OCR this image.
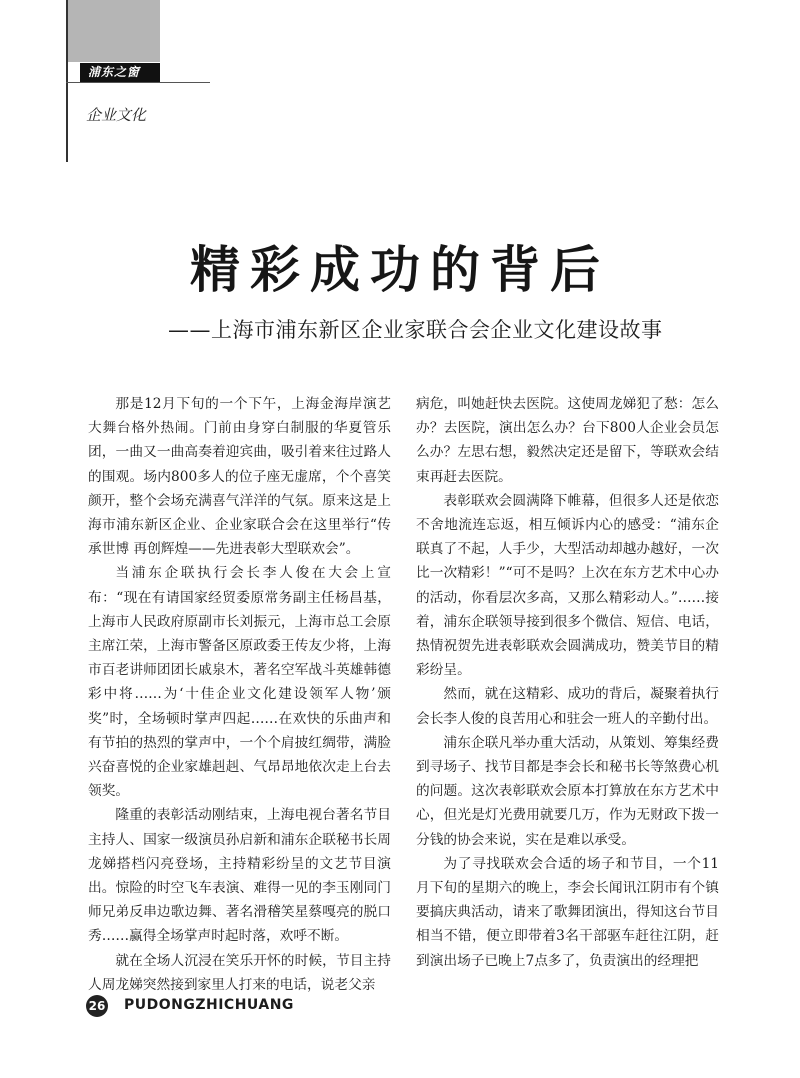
浦东之窗
企业文化
精彩成功的背后
——上海市浦东新区企业家联合会企业文化建设故事

那是12月下旬的一个下午，上海金海岸演艺大舞台格外热闹。门前由身穿白制服的华夏管乐团，一曲又一曲高奏着迎宾曲，吸引着来往过路人的围观。场内800多人的位子座无虚席，个个喜笑颜开，整个会场充满喜气洋洋的气氛。原来这是上海市浦东新区企业、企业家联合会在这里举行“传承世博 再创辉煌——先进表彰大型联欢会”。

当浦东企联执行会长李人俊在大会上宣布：“现在有请国家经贸委原常务副主任杨昌基，上海市人民政府原副市长刘振元，上海市总工会原主席江荣，上海市警备区原政委王传友少将，上海市百老讲师团团长戚泉木，著名空军战斗英雄韩德彩中将……为‘十佳企业文化建设领军人物’颁奖”时，全场顿时掌声四起……在欢快的乐曲声和有节拍的热烈的掌声中，一个个肩披红绸带，满脸兴奋喜悦的企业家雄赳赳、气昂昂地依次走上台去领奖。

隆重的表彰活动刚结束，上海电视台著名节目主持人、国家一级演员孙启新和浦东企联秘书长周龙娣搭档闪亮登场，主持精彩纷呈的文艺节目演出。惊险的时空飞车表演、难得一见的李玉刚同门师兄弟反串边歌边舞、著名滑稽笑星蔡嘎亮的脱口秀……赢得全场掌声时起时落，欢呼不断。

就在全场人沉浸在笑乐开怀的时候，节目主持人周龙娣突然接到家里人打来的电话，说老父亲

病危，叫她赶快去医院。这使周龙娣犯了愁：怎么办？去医院，演出怎么办？台下800人企业会员怎么办？左思右想，毅然决定还是留下，等联欢会结束再赶去医院。

表彰联欢会圆满降下帷幕，但很多人还是依恋不舍地流连忘返，相互倾诉内心的感受：“浦东企联真了不起，人手少，大型活动却越办越好，一次比一次精彩！”“可不是吗？上次在东方艺术中心办的活动，你看层次多高，又那么精彩动人。”……接着，浦东企联领导接到很多个微信、短信、电话，热情祝贺先进表彰联欢会圆满成功，赞美节目的精彩纷呈。

然而，就在这精彩、成功的背后，凝聚着执行会长李人俊的良苦用心和驻会一班人的辛勤付出。

浦东企联凡举办重大活动，从策划、筹集经费到寻场子、找节目都是李会长和秘书长等煞费心机的问题。这次表彰联欢会原本打算放在东方艺术中心，但光是灯光费用就要几万，作为无财政下拨一分钱的协会来说，实在是难以承受。

为了寻找联欢会合适的场子和节目，一个11月下旬的星期六的晚上，李会长闻讯江阴市有个镇要搞庆典活动，请来了歌舞团演出，得知这台节目相当不错，便立即带着3名干部驱车赶往江阴，赶到演出场子已晚上7点多了，负责演出的经理把

26 PUDONGZHICHUANG
